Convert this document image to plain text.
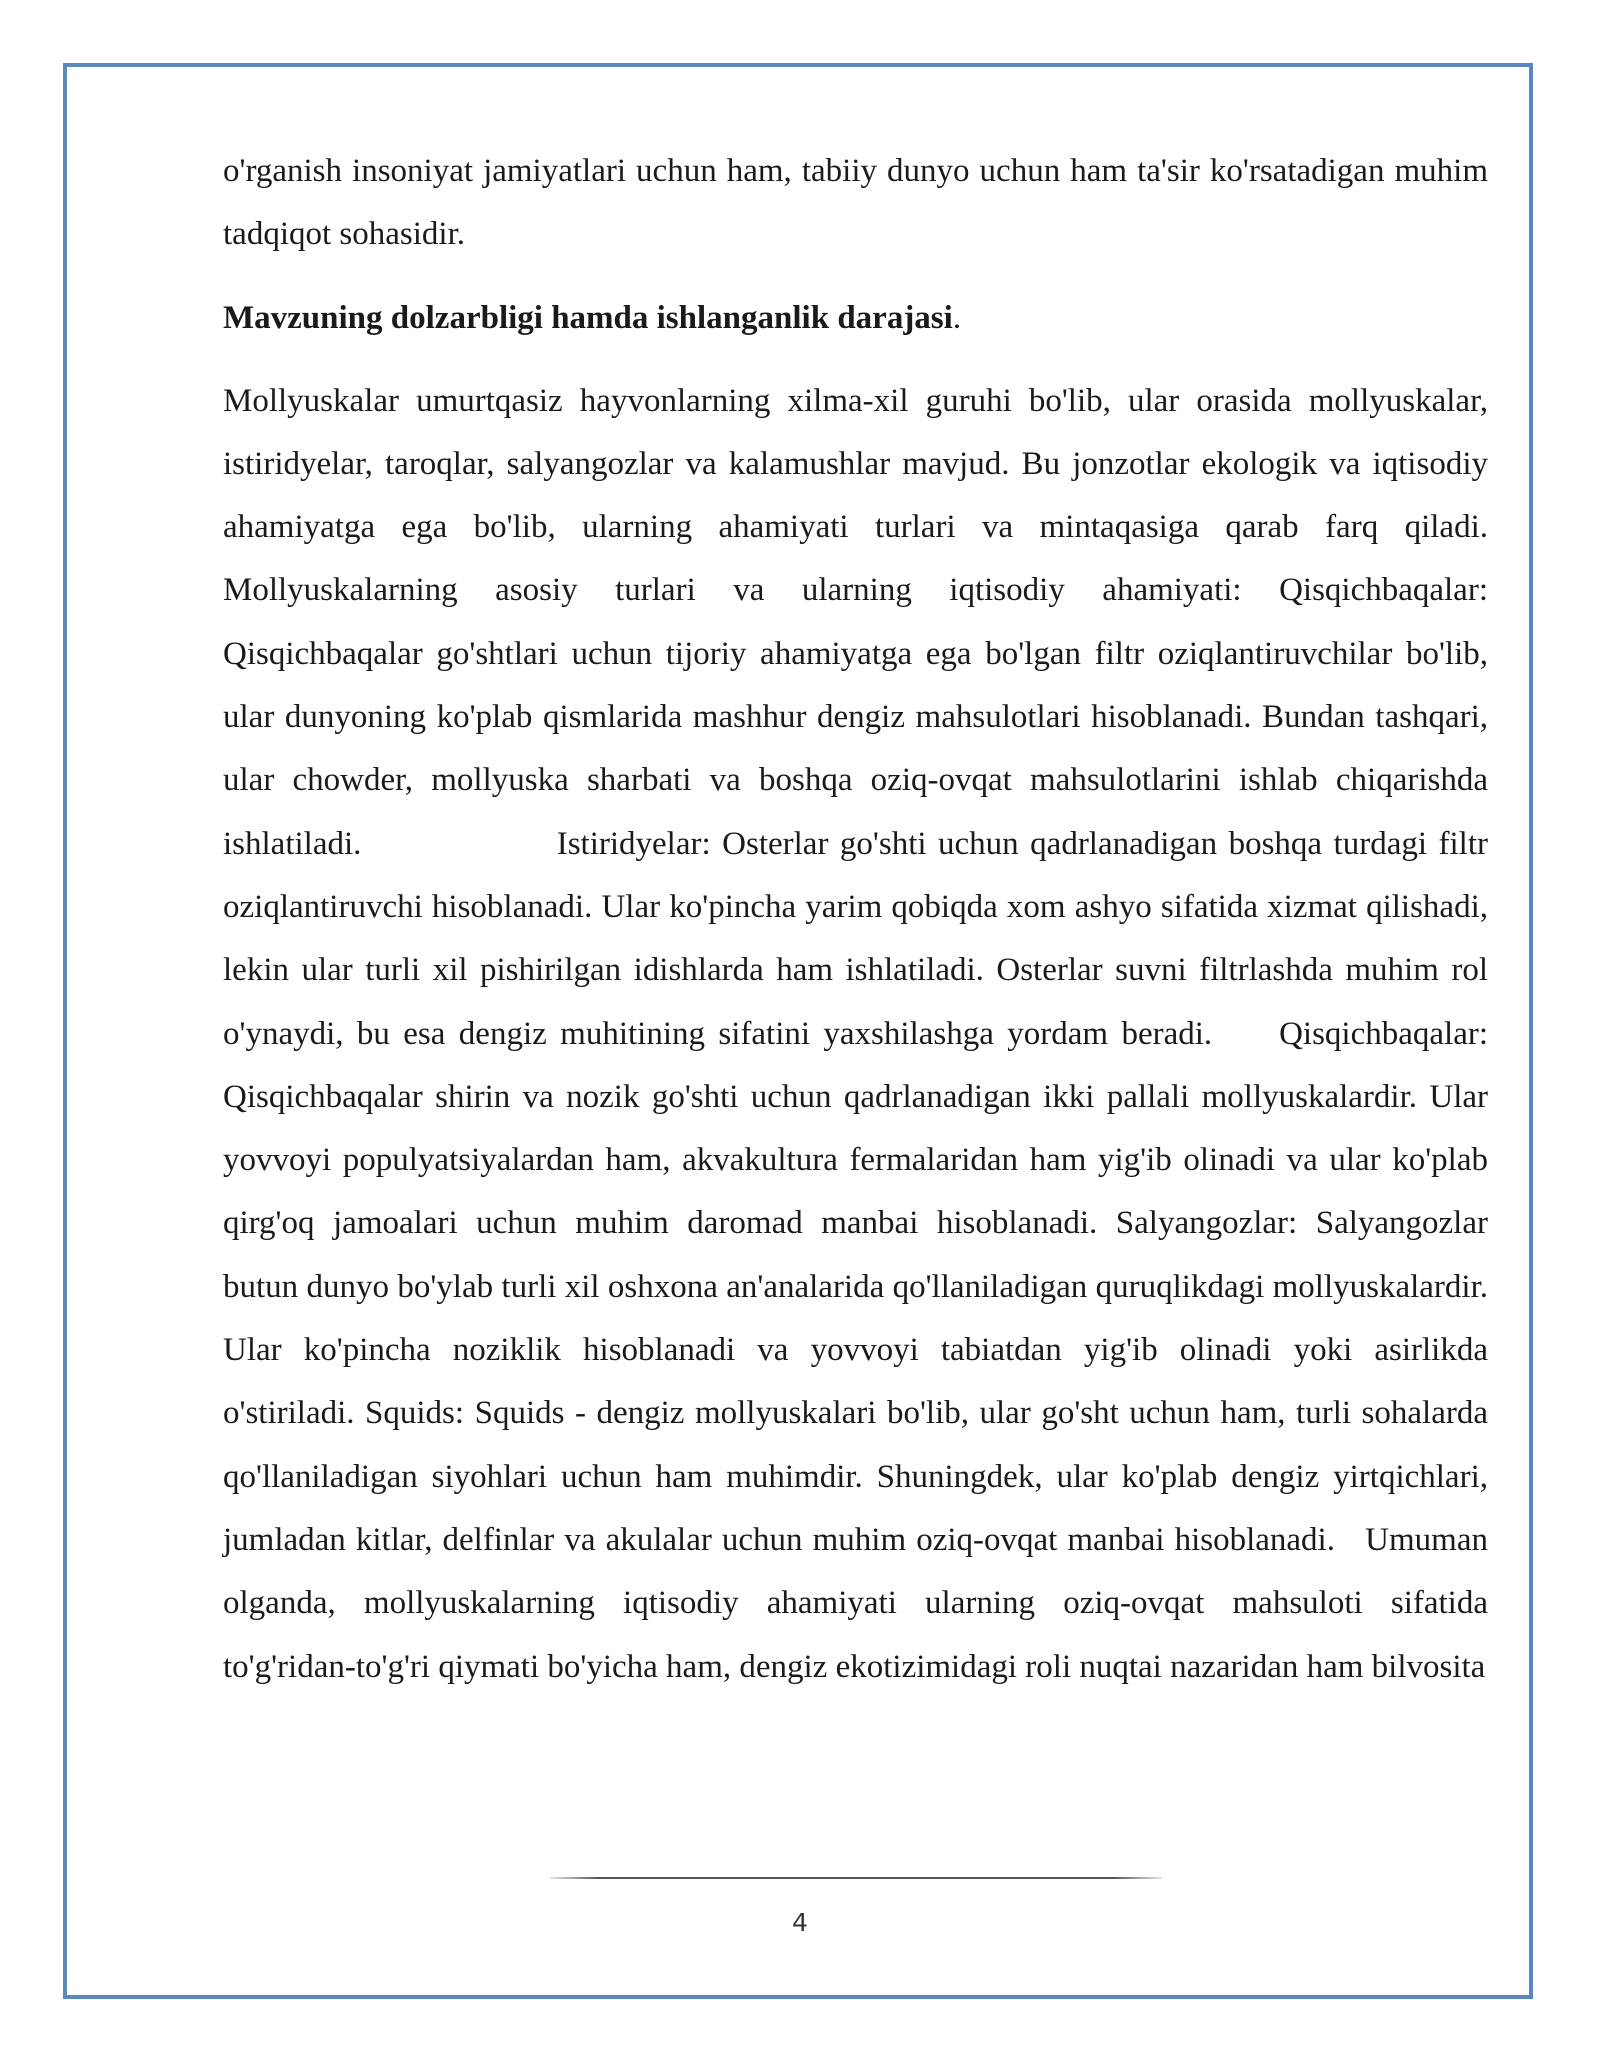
o'rganish insoniyat jamiyatlari uchun ham, tabiiy dunyo uchun ham ta'sir ko'rsatadigan muhim tadqiqot sohasidir.

Mavzuning dolzarbligi hamda ishlanganlik darajasi.

Mollyuskalar umurtqasiz hayvonlarning xilma-xil guruhi bo'lib, ular orasida mollyuskalar, istiridyelar, taroqlar, salyangozlar va kalamushlar mavjud. Bu jonzotlar ekologik va iqtisodiy ahamiyatga ega bo'lib, ularning ahamiyati turlari va mintaqasiga qarab farq qiladi. Mollyuskalarning asosiy turlari va ularning iqtisodiy ahamiyati: Qisqichbaqalar: Qisqichbaqalar go'shtlari uchun tijoriy ahamiyatga ega bo'lgan filtr oziqlantiruvchilar bo'lib, ular dunyoning ko'plab qismlarida mashhur dengiz mahsulotlari hisoblanadi. Bundan tashqari, ular chowder, mollyuska sharbati va boshqa oziq-ovqat mahsulotlarini ishlab chiqarishda ishlatiladi.                 Istiridyelar: Osterlar go'shti uchun qadrlanadigan boshqa turdagi filtr oziqlantiruvchi hisoblanadi. Ular ko'pincha yarim qobiqda xom ashyo sifatida xizmat qilishadi, lekin ular turli xil pishirilgan idishlarda ham ishlatiladi. Osterlar suvni filtrlashda muhim rol o'ynaydi, bu esa dengiz muhitining sifatini yaxshilashga yordam beradi.     Qisqichbaqalar: Qisqichbaqalar shirin va nozik go'shti uchun qadrlanadigan ikki pallali mollyuskalardir. Ular yovvoyi populyatsiyalardan ham, akvakultura fermalaridan ham yig'ib olinadi va ular ko'plab qirg'oq jamoalari uchun muhim daromad manbai hisoblanadi. Salyangozlar: Salyangozlar butun dunyo bo'ylab turli xil oshxona an'analarida qo'llaniladigan quruqlikdagi mollyuskalardir. Ular ko'pincha noziklik hisoblanadi va yovvoyi tabiatdan yig'ib olinadi yoki asirlikda o'stiriladi. Squids: Squids - dengiz mollyuskalari bo'lib, ular go'sht uchun ham, turli sohalarda qo'llaniladigan siyohlari uchun ham muhimdir. Shuningdek, ular ko'plab dengiz yirtqichlari, jumladan kitlar, delfinlar va akulalar uchun muhim oziq-ovqat manbai hisoblanadi.   Umuman olganda, mollyuskalarning iqtisodiy ahamiyati ularning oziq-ovqat mahsuloti sifatida to'g'ridan-to'g'ri qiymati bo'yicha ham, dengiz ekotizimidagi roli nuqtai nazaridan ham bilvosita

4
